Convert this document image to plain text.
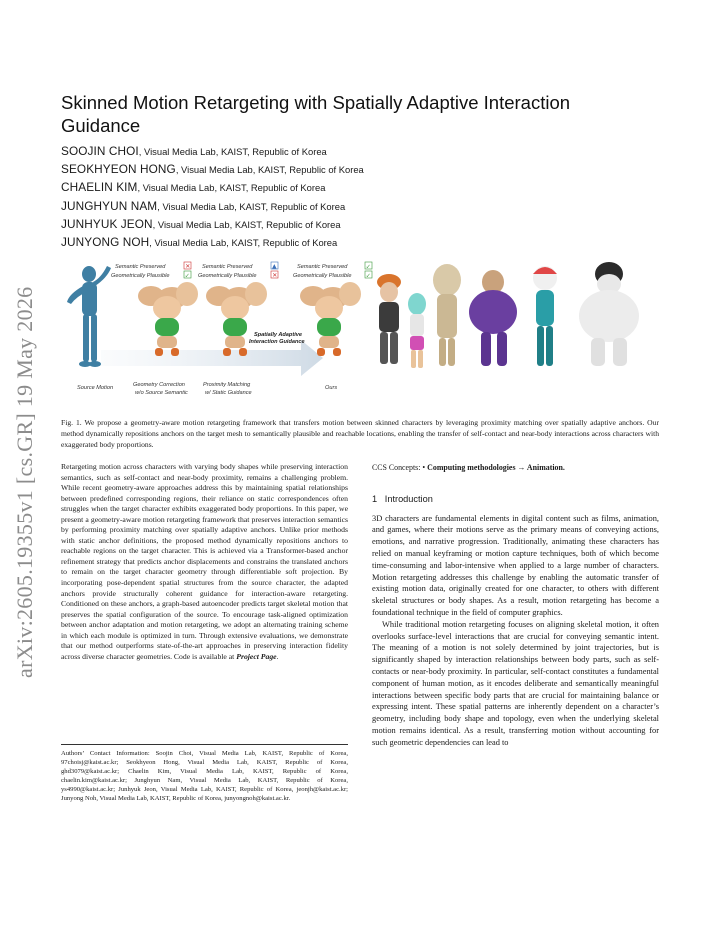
arXiv:2605.19355v1 [cs.GR] 19 May 2026
Skinned Motion Retargeting with Spatially Adaptive Interaction Guidance
SOOJIN CHOI, Visual Media Lab, KAIST, Republic of Korea
SEOKHYEON HONG, Visual Media Lab, KAIST, Republic of Korea
CHAELIN KIM, Visual Media Lab, KAIST, Republic of Korea
JUNGHYUN NAM, Visual Media Lab, KAIST, Republic of Korea
JUNHYUK JEON, Visual Media Lab, KAIST, Republic of Korea
JUNYONG NOH, Visual Media Lab, KAIST, Republic of Korea
Semantic Preserved
Geometrically Plausible
✕
✓
Semantic Preserved
Geometrically Plausible
▲
✕
Semantic Preserved
Geometrically Plausible
✓
✓
Spatially Adaptive
Interaction Guidance
Source Motion	Geometry Correction
w/o Source Semantic
Proximity Matching
w/ Static Guidance
Ours
Fig. 1. We propose a geometry-aware motion retargeting framework that transfers motion between skinned characters by leveraging proximity matching over spatially adaptive anchors. Our method dynamically repositions anchors on the target mesh to semantically plausible and reachable locations, enabling the transfer of self-contact and near-body interactions across characters with exaggerated body proportions.

Retargeting motion across characters with varying body shapes while preserving interaction semantics, such as self-contact and near-body proximity, remains a challenging problem. While recent geometry-aware approaches address this by maintaining spatial relationships between predefined corresponding regions, their reliance on static correspondences often struggles when the target character exhibits exaggerated body proportions. In this paper, we present a geometry-aware motion retargeting framework that preserves interaction semantics by performing proximity matching over spatially adaptive anchors. Unlike prior methods with static anchor definitions, the proposed method dynamically repositions anchors to reachable regions on the target character. This is achieved via a Transformer-based anchor refinement strategy that predicts anchor displacements and constrains the translated anchors to remain on the target character geometry through differentiable soft projection. By incorporating pose-dependent spatial structures from the source character, the adapted anchors provide structurally coherent guidance for interaction-aware retargeting. Conditioned on these anchors, a graph-based autoencoder predicts target skeletal motion that preserves the spatial configuration of the source. To encourage task-aligned optimization between anchor adaptation and motion retargeting, we adopt an alternating training scheme in which each module is optimized in turn. Through extensive evaluations, we demonstrate that our method outperforms state-of-the-art approaches in preserving interaction fidelity across diverse character geometries. Code is available at Project Page.

Authors’ Contact Information: Soojin Choi, Visual Media Lab, KAIST, Republic of Korea, 97choisj@kaist.ac.kr; Seokhyeon Hong, Visual Media Lab, KAIST, Republic of Korea, ghd3079@kaist.ac.kr; Chaelin Kim, Visual Media Lab, KAIST, Republic of Korea, chaelin.kim@kaist.ac.kr; Junghyun Nam, Visual Media Lab, KAIST, Republic of Korea, ys4990@kaist.ac.kr; Junhyuk Jeon, Visual Media Lab, KAIST, Republic of Korea, jeonjh@kaist.ac.kr; Junyong Noh, Visual Media Lab, KAIST, Republic of Korea, junyongnoh@kaist.ac.kr.

CCS Concepts: • Computing methodologies → Animation.

1 Introduction

3D characters are fundamental elements in digital content such as films, animation, and games, where their motions serve as the primary means of conveying actions, emotions, and narrative progression. Traditionally, animating these characters has relied on manual keyframing or motion capture techniques, both of which become time-consuming and labor-intensive when applied to a large number of characters. Motion retargeting addresses this challenge by enabling the automatic transfer of existing motion data, originally created for one character, to others with different skeletal structures or body shapes. As a result, motion retargeting has become a foundational technique in the field of computer graphics.

While traditional motion retargeting focuses on aligning skeletal motion, it often overlooks surface-level interactions that are crucial for conveying semantic intent. The meaning of a motion is not solely determined by joint trajectories, but is significantly shaped by interaction relationships between body parts, such as self-contacts or near-body proximity. In particular, self-contact constitutes a fundamental component of human motion, as it encodes deliberate and semantically meaningful interactions between specific body parts that are crucial for maintaining balance or expressing intent. These spatial patterns are inherently dependent on a character’s geometry, including body shape and topology, even when the underlying skeletal motion remains identical. As a result, transferring motion without accounting for such geometric dependencies can lead to
